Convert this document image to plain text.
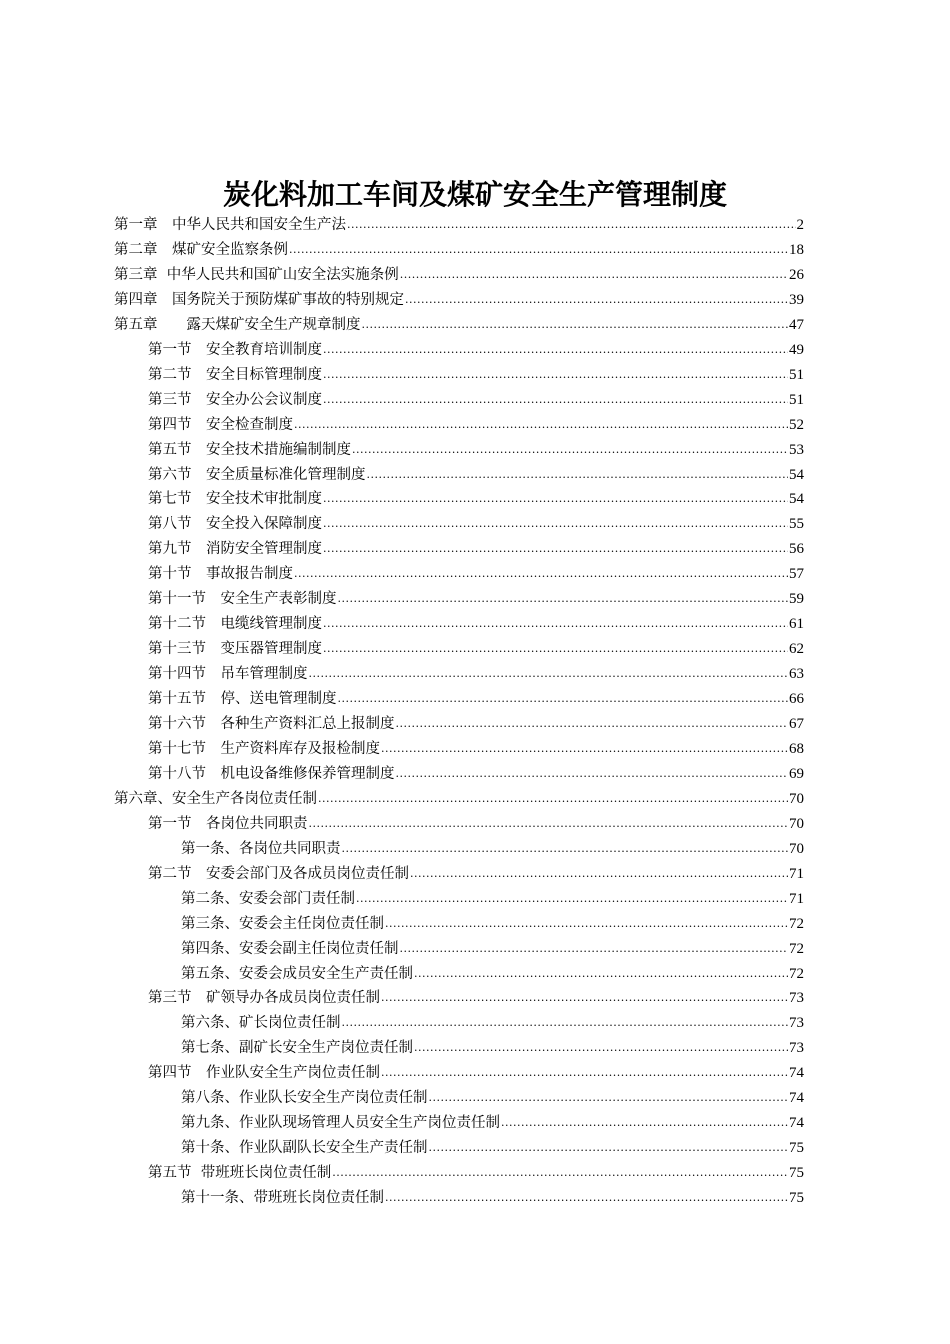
炭化料加工车间及煤矿安全生产管理制度
第一章　中华人民共和国安全生产法 .....	2
第二章　煤矿安全监察条例 .....	18
第三章  中华人民共和国矿山安全法实施条例 .....	26
第四章　国务院关于预防煤矿事故的特别规定 .....	39
第五章　　露天煤矿安全生产规章制度 .....	47
第一节　安全教育培训制度 .....	49
第二节　安全目标管理制度 .....	51
第三节　安全办公会议制度 .....	51
第四节　安全检查制度 .....	52
第五节　安全技术措施编制制度 .....	53
第六节　安全质量标准化管理制度 .....	54
第七节　安全技术审批制度 .....	54
第八节　安全投入保障制度 .....	55
第九节　消防安全管理制度 .....	56
第十节　事故报告制度 .....	57
第十一节　安全生产表彰制度 .....	59
第十二节　电缆线管理制度 .....	61
第十三节　变压器管理制度 .....	62
第十四节　吊车管理制度 .....	63
第十五节　停、送电管理制度 .....	66
第十六节　各种生产资料汇总上报制度 .....	67
第十七节　生产资料库存及报检制度 .....	68
第十八节　机电设备维修保养管理制度 .....	69
第六章、安全生产各岗位责任制 .....	70
第一节　各岗位共同职责 .....	70
第一条、各岗位共同职责 .....	70
第二节　安委会部门及各成员岗位责任制 .....	71
第二条、安委会部门责任制 .....	71
第三条、安委会主任岗位责任制 .....	72
第四条、安委会副主任岗位责任制 .....	72
第五条、安委会成员安全生产责任制 .....	72
第三节　矿领导办各成员岗位责任制 .....	73
第六条、矿长岗位责任制 .....	73
第七条、副矿长安全生产岗位责任制 .....	73
第四节　作业队安全生产岗位责任制 .....	74
第八条、作业队长安全生产岗位责任制 .....	74
第九条、作业队现场管理人员安全生产岗位责任制 .....	74
第十条、作业队副队长安全生产责任制 .....	75
第五节  带班班长岗位责任制 .....	75
第十一条、带班班长岗位责任制 .....	75
